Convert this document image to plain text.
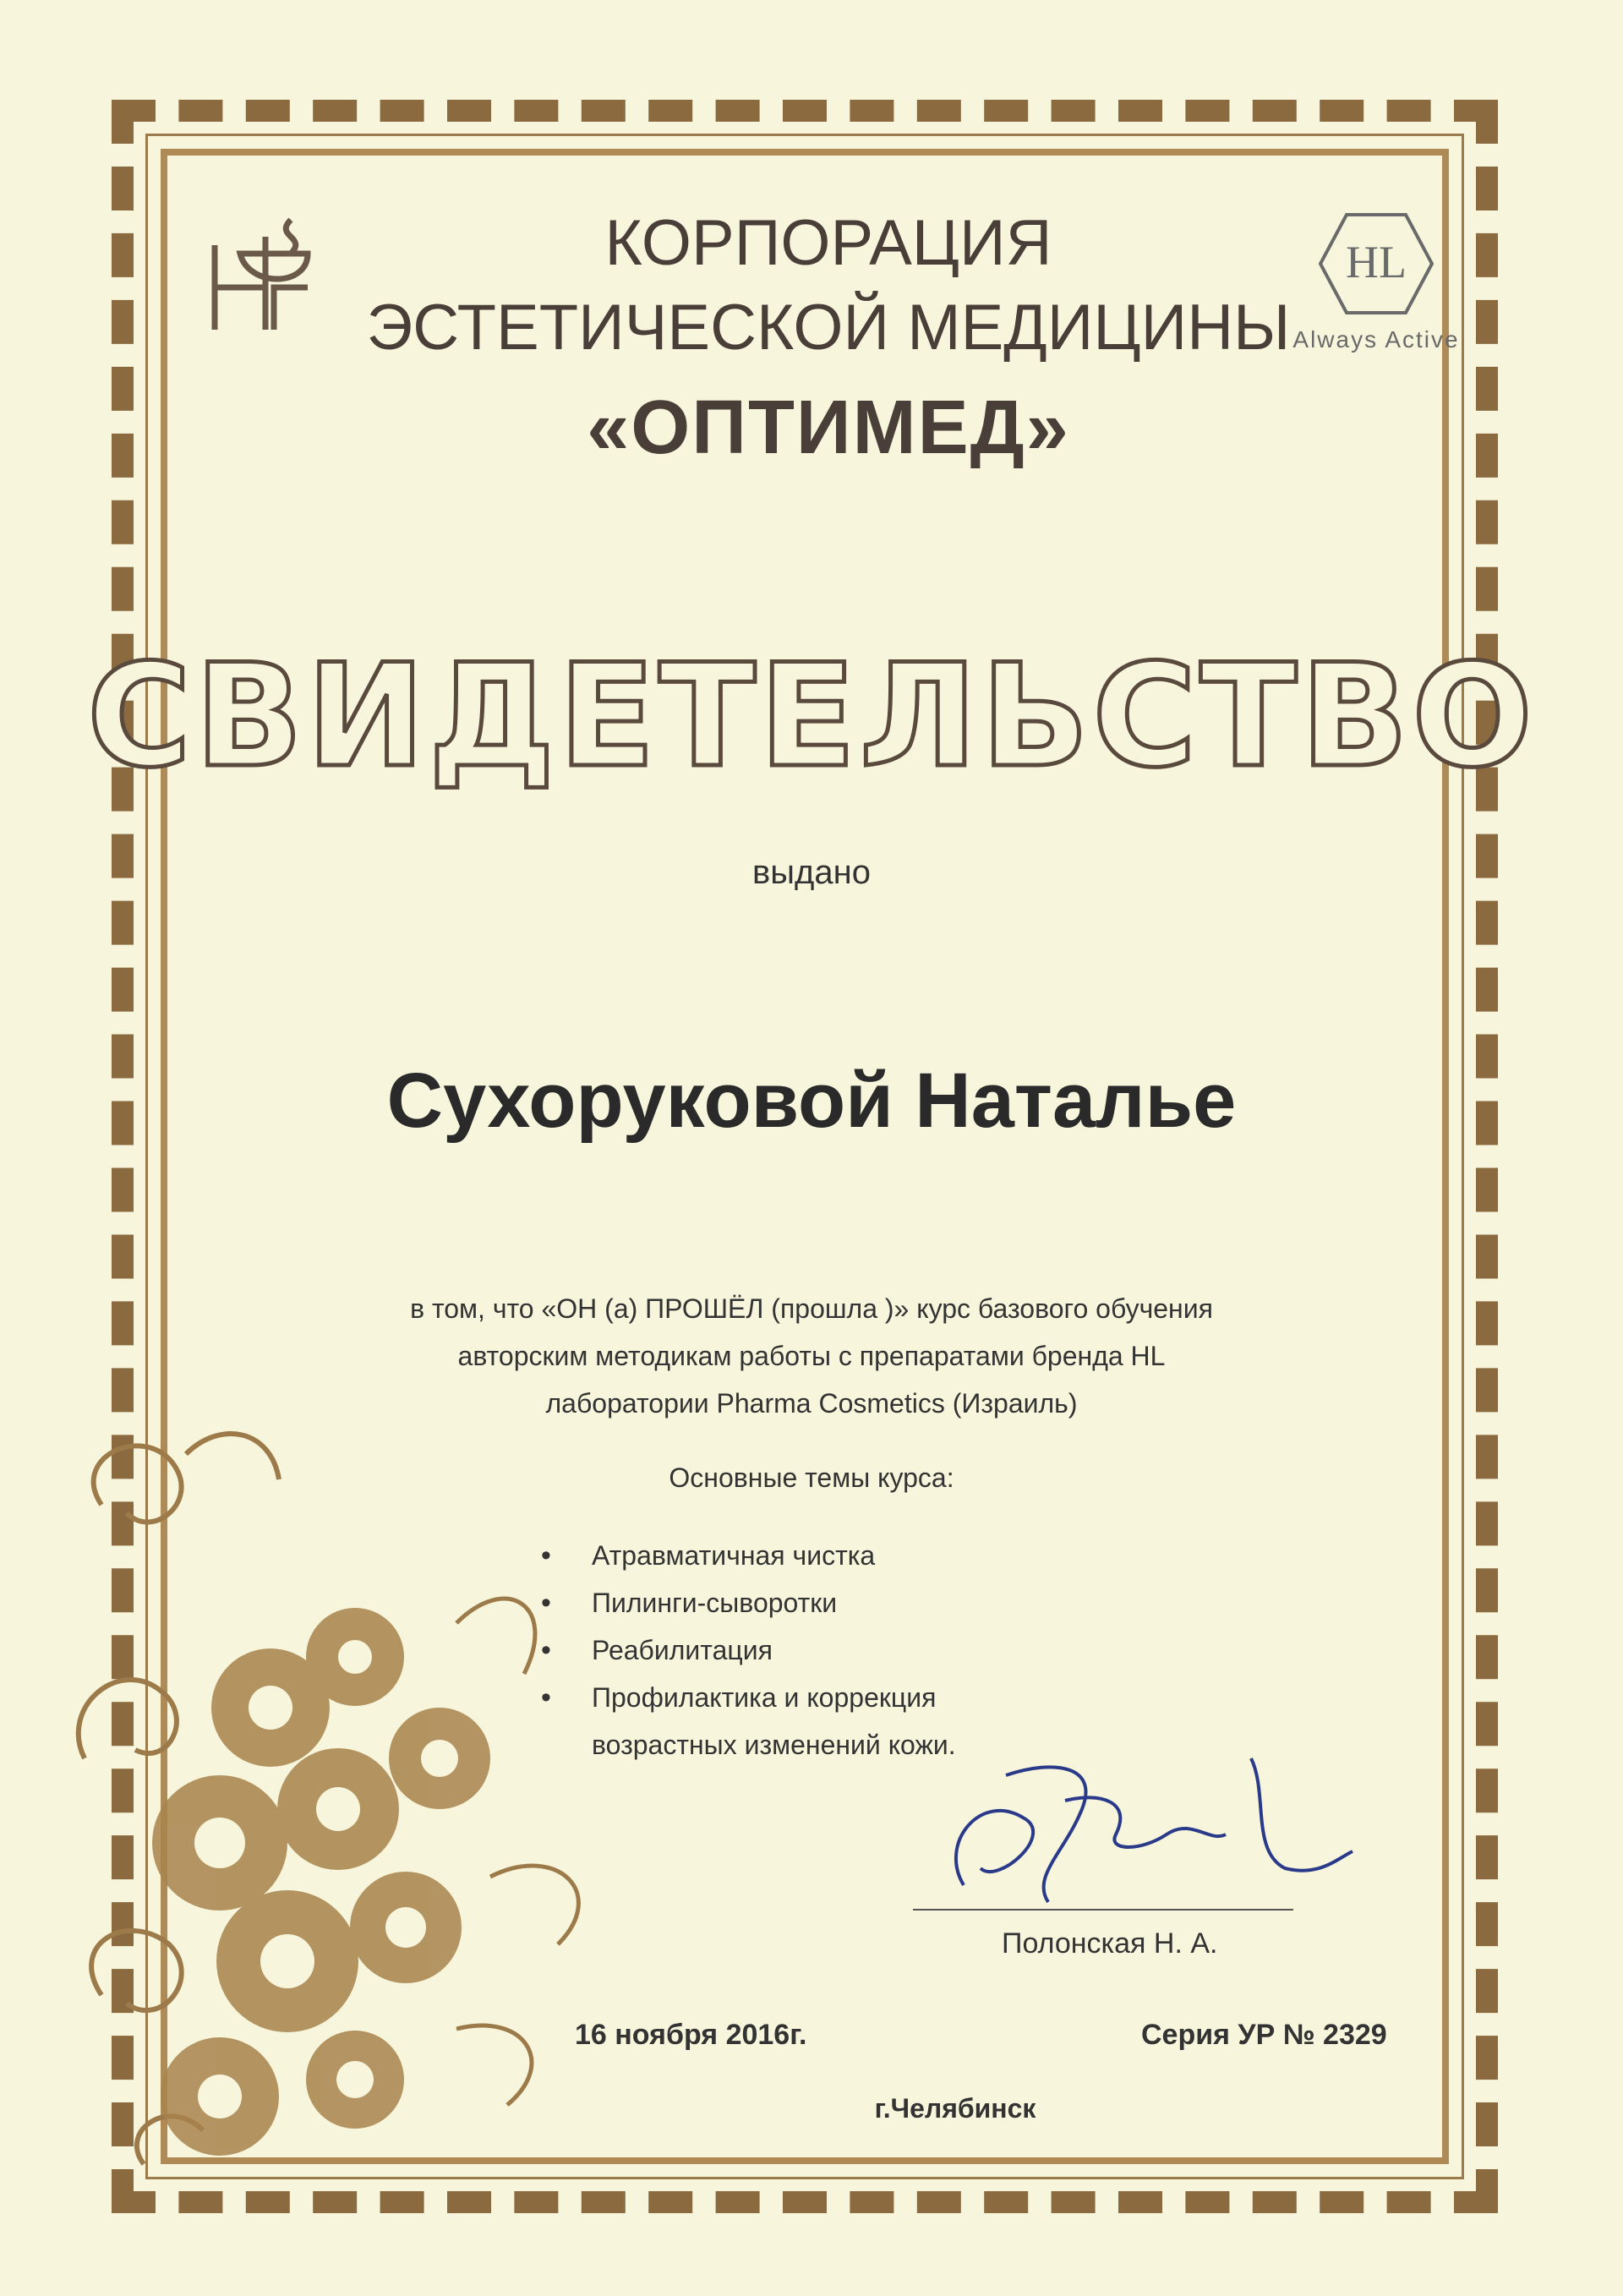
КОРПОРАЦИЯ
ЭСТЕТИЧЕСКОЙ МЕДИЦИНЫ
«ОПТИМЕД»
HL
Always Active
СВИДЕТЕЛЬСТВО
выдано
Сухоруковой Наталье
в том, что «ОН (а) ПРОШЁЛ (прошла )» курс базового обучения
авторским методикам работы с препаратами бренда HL
лаборатории Pharma Cosmetics (Израиль)
Основные темы курса:
•	Атравматичная чистка
•	Пилинги-сыворотки
•	Реабилитация
•	Профилактика и коррекция
возрастных изменений кожи.
Полонская Н. А.
16 ноября 2016г.	Серия УР № 2329
г.Челябинск
